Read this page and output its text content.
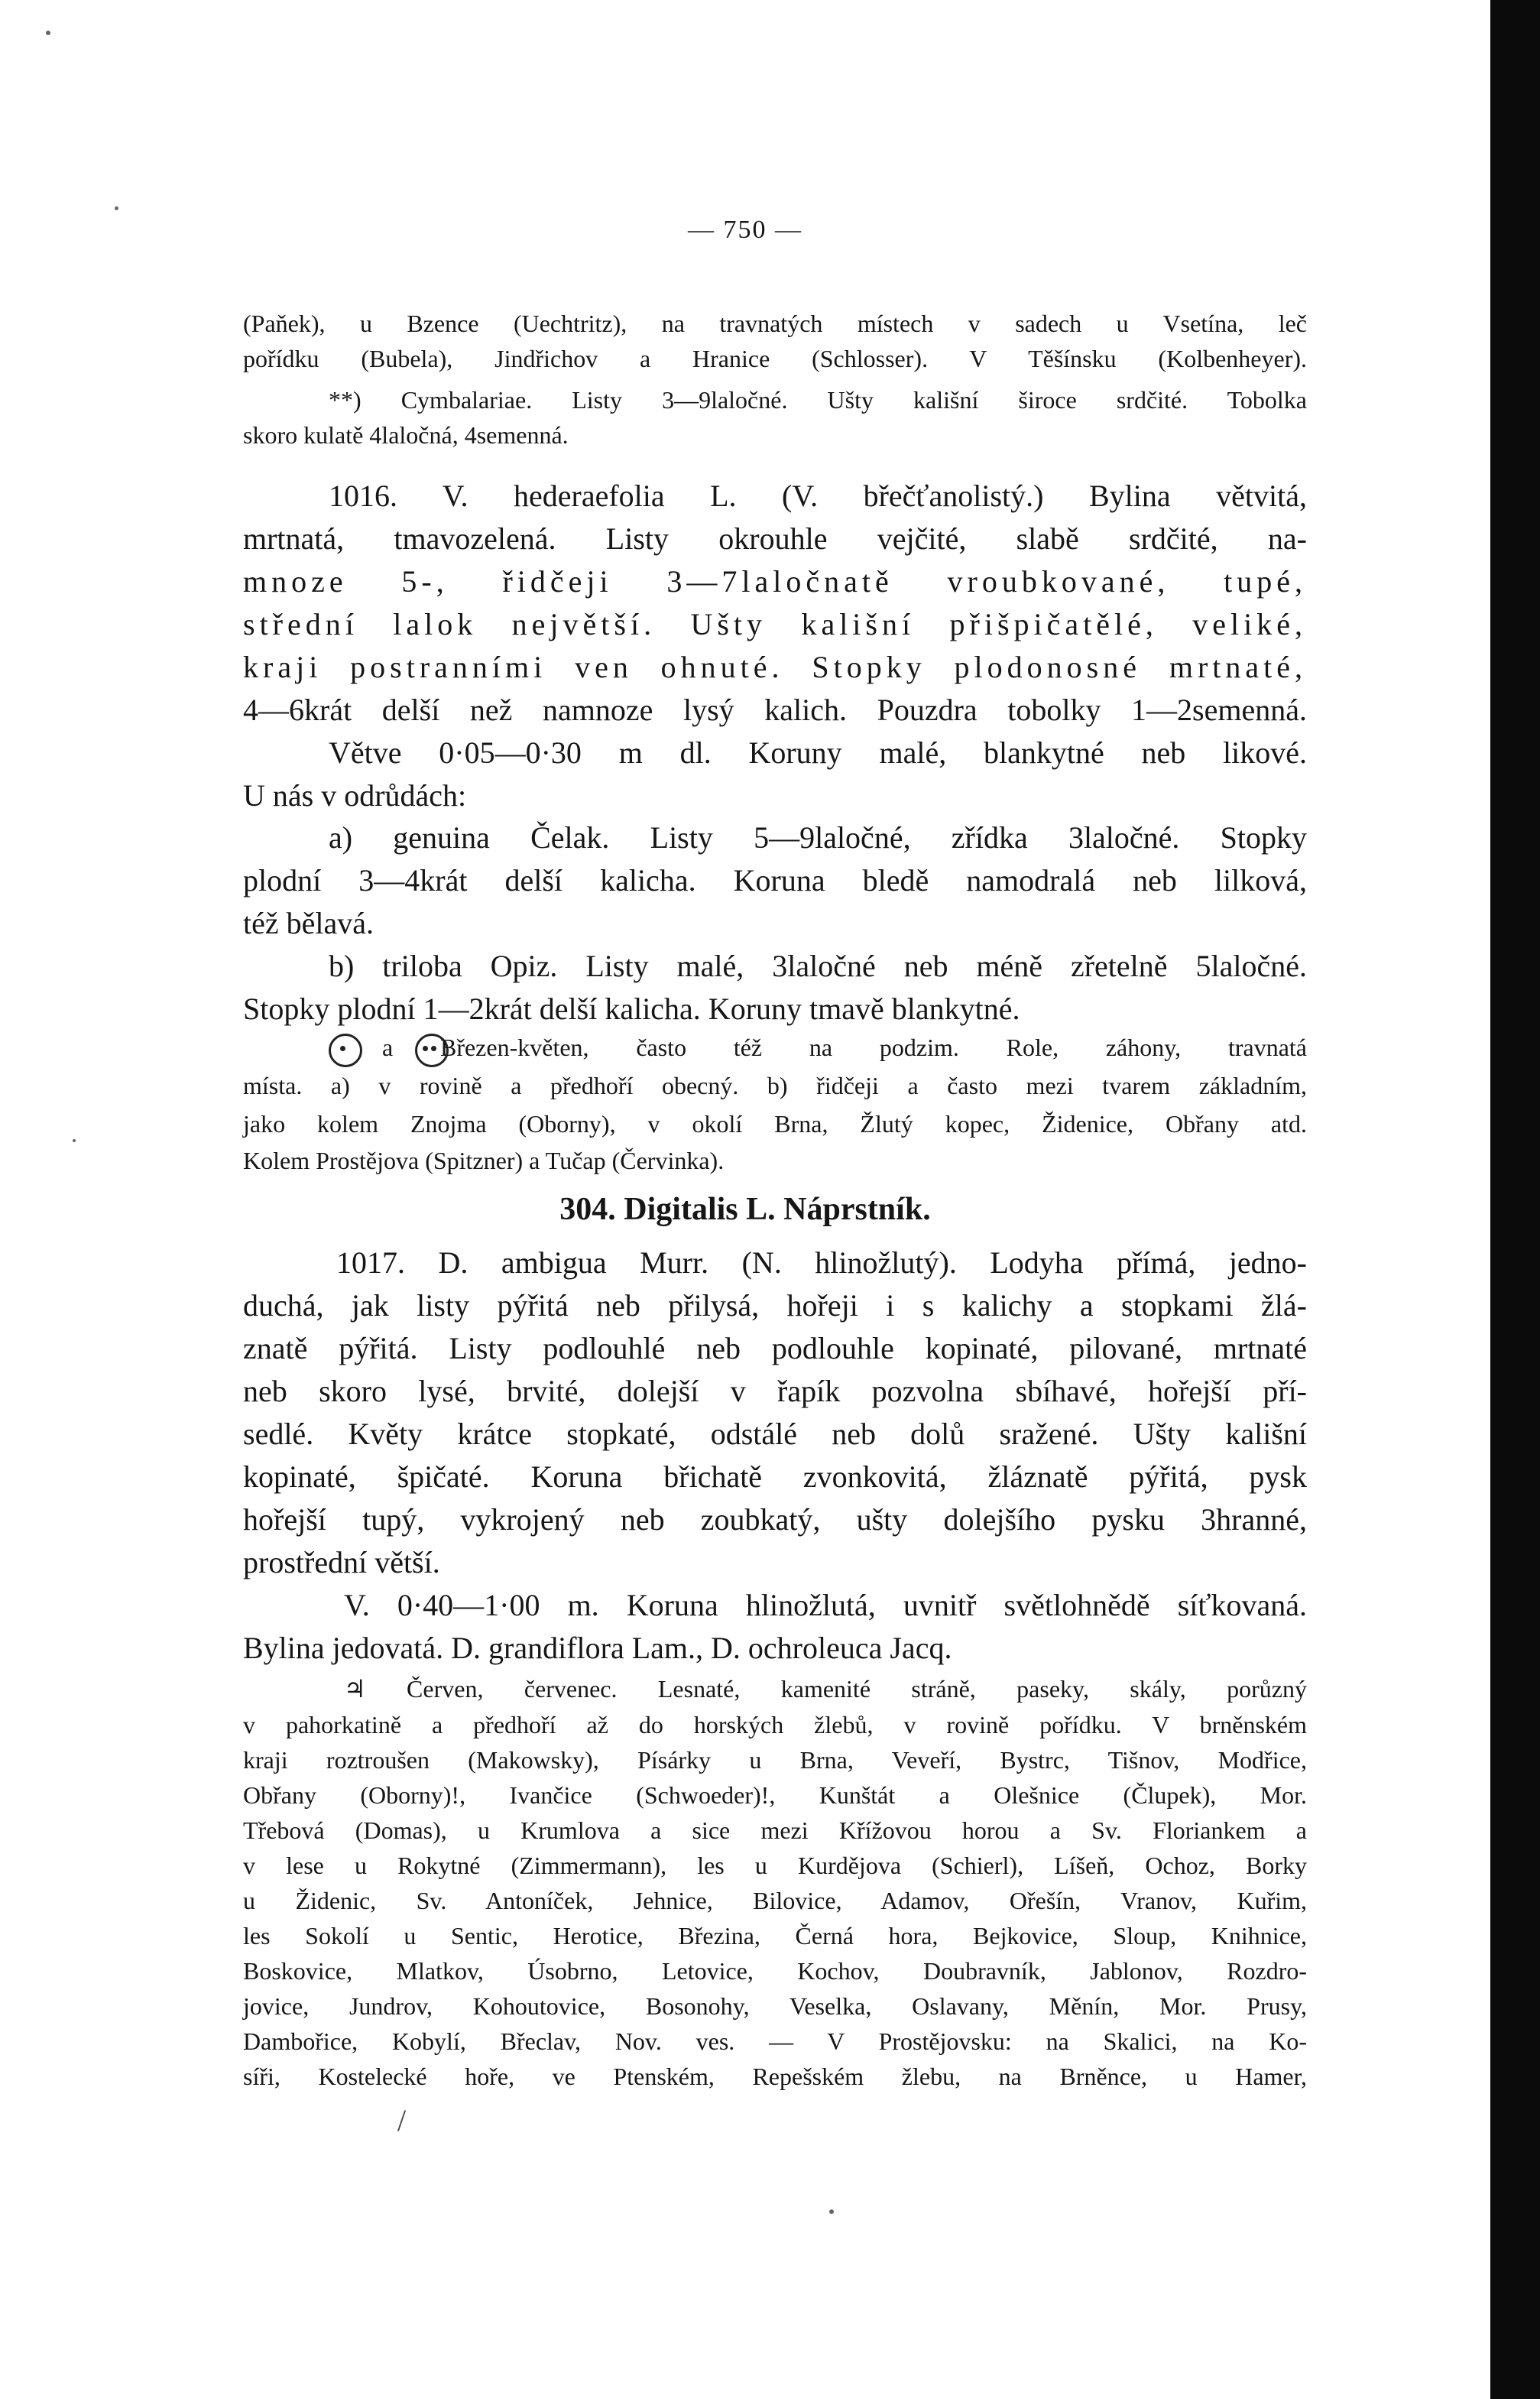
— 750 —

(Paňek), u Bzence (Uechtritz), na travnatých místech v sadech u Vsetína, leč

pořídku (Bubela), Jindřichov a Hranice (Schlosser). V Těšínsku (Kolbenheyer).

**) Cymbalariae. Listy 3—9laločné. Ušty kališní široce srdčité. Tobolka

skoro kulatě 4laločná, 4semenná.

1016. V. hederaefolia L. (V. břečťanolistý.) Bylina větvitá,

mrtnatá, tmavozelená. Listy okrouhle vejčité, slabě srdčité, na-

mnoze 5-, řidčeji 3—7laločnatě vroubkované, tupé,

střední lalok největší. Ušty kališní přišpičatělé, veliké,

kraji postranními ven ohnuté. Stopky plodonosné mrtnaté,

4—6krát delší než namnoze lysý kalich. Pouzdra tobolky 1—2semenná.

Větve 0·05—0·30 m dl. Koruny malé, blankytné neb likové.

U nás v odrůdách:

a) genuina Čelak. Listy 5—9laločné, zřídka 3laločné. Stopky

plodní 3—4krát delší kalicha. Koruna bledě namodralá neb lilková,

též bělavá.

b) triloba Opiz. Listy malé, 3laločné neb méně zřetelně 5laločné.

Stopky plodní 1—2krát delší kalicha. Koruny tmavě blankytné.

a Březen-květen, často též na podzim. Role, záhony, travnatá

místa. a) v rovině a předhoří obecný. b) řidčeji a často mezi tvarem základním,

jako kolem Znojma (Oborny), v okolí Brna, Žlutý kopec, Židenice, Obřany atd.

Kolem Prostějova (Spitzner) a Tučap (Červinka).

304. Digitalis L. Náprstník.

1017. D. ambigua Murr. (N. hlinožlutý). Lodyha přímá, jedno-

duchá, jak listy pýřitá neb přilysá, hořeji i s kalichy a stopkami žlá-

znatě pýřitá. Listy podlouhlé neb podlouhle kopinaté, pilované, mrtnaté

neb skoro lysé, brvité, dolejší v řapík pozvolna sbíhavé, hořejší pří-

sedlé. Květy krátce stopkaté, odstálé neb dolů sražené. Ušty kališní

kopinaté, špičaté. Koruna břichatě zvonkovitá, žláznatě pýřitá, pysk

hořejší tupý, vykrojený neb zoubkatý, ušty dolejšího pysku 3hranné,

prostřední větší.

V. 0·40—1·00 m. Koruna hlinožlutá, uvnitř světlohnědě síťkovaná.

Bylina jedovatá. D. grandiflora Lam., D. ochroleuca Jacq.

♃ Červen, červenec. Lesnaté, kamenité stráně, paseky, skály, porůzný

v pahorkatině a předhoří až do horských žlebů, v rovině pořídku. V brněnském

kraji roztroušen (Makowsky), Písárky u Brna, Veveří, Bystrc, Tišnov, Modřice,

Obřany (Oborny)!, Ivančice (Schwoeder)!, Kunštát a Olešnice (Člupek), Mor.

Třebová (Domas), u Krumlova a sice mezi Křížovou horou a Sv. Floriankem a

v lese u Rokytné (Zimmermann), les u Kurdějova (Schierl), Líšeň, Ochoz, Borky

u Židenic, Sv. Antoníček, Jehnice, Bilovice, Adamov, Ořešín, Vranov, Kuřim,

les Sokolí u Sentic, Herotice, Březina, Černá hora, Bejkovice, Sloup, Knihnice,

Boskovice, Mlatkov, Úsobrno, Letovice, Kochov, Doubravník, Jablonov, Rozdro-

jovice, Jundrov, Kohoutovice, Bosonohy, Veselka, Oslavany, Měnín, Mor. Prusy,

Dambořice, Kobylí, Břeclav, Nov. ves. — V Prostějovsku: na Skalici, na Ko-

síři, Kostelecké hoře, ve Ptenském, Repešském žlebu, na Brněnce, u Hamer,

/
